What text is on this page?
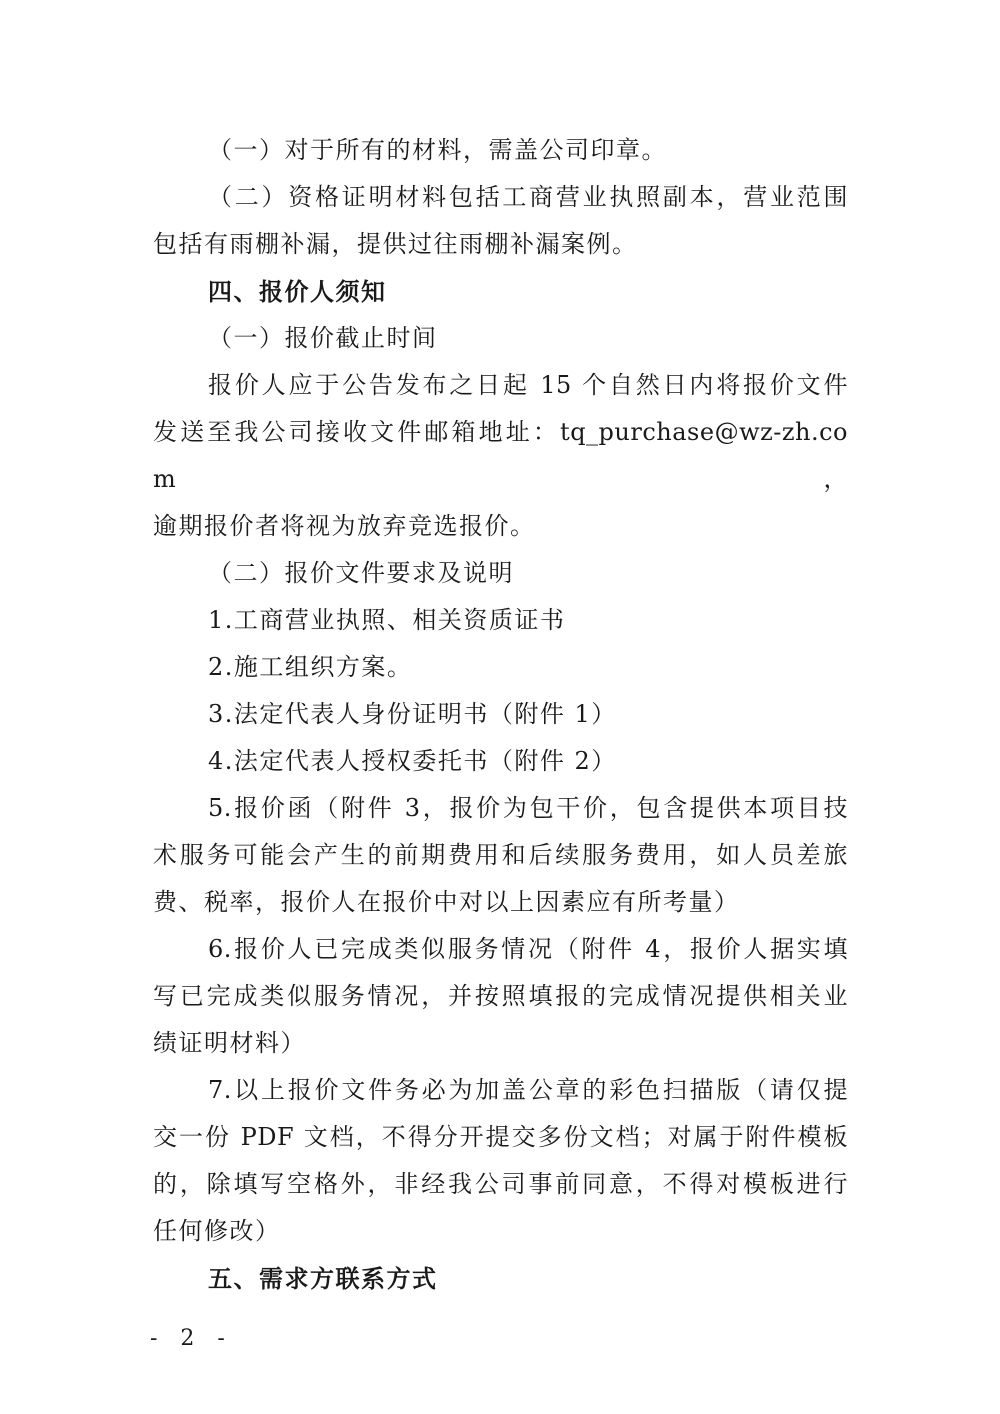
（一）对于所有的材料，需盖公司印章。
（二）资格证明材料包括工商营业执照副本，营业范围
包括有雨棚补漏，提供过往雨棚补漏案例。
四、报价人须知
（一）报价截止时间
报价人应于公告发布之日起 15 个自然日内将报价文件
发送至我公司接收文件邮箱地址：tq_purchase@wz-zh.com，
逾期报价者将视为放弃竞选报价。
（二）报价文件要求及说明
1.工商营业执照、相关资质证书
2.施工组织方案。
3.法定代表人身份证明书（附件 1）
4.法定代表人授权委托书（附件 2）
5.报价函（附件 3，报价为包干价，包含提供本项目技
术服务可能会产生的前期费用和后续服务费用，如人员差旅
费、税率，报价人在报价中对以上因素应有所考量）
6.报价人已完成类似服务情况（附件 4，报价人据实填
写已完成类似服务情况，并按照填报的完成情况提供相关业
绩证明材料）
7.以上报价文件务必为加盖公章的彩色扫描版（请仅提
交一份 PDF 文档，不得分开提交多份文档；对属于附件模板
的，除填写空格外，非经我公司事前同意，不得对模板进行
任何修改）
五、需求方联系方式
- 2 -
